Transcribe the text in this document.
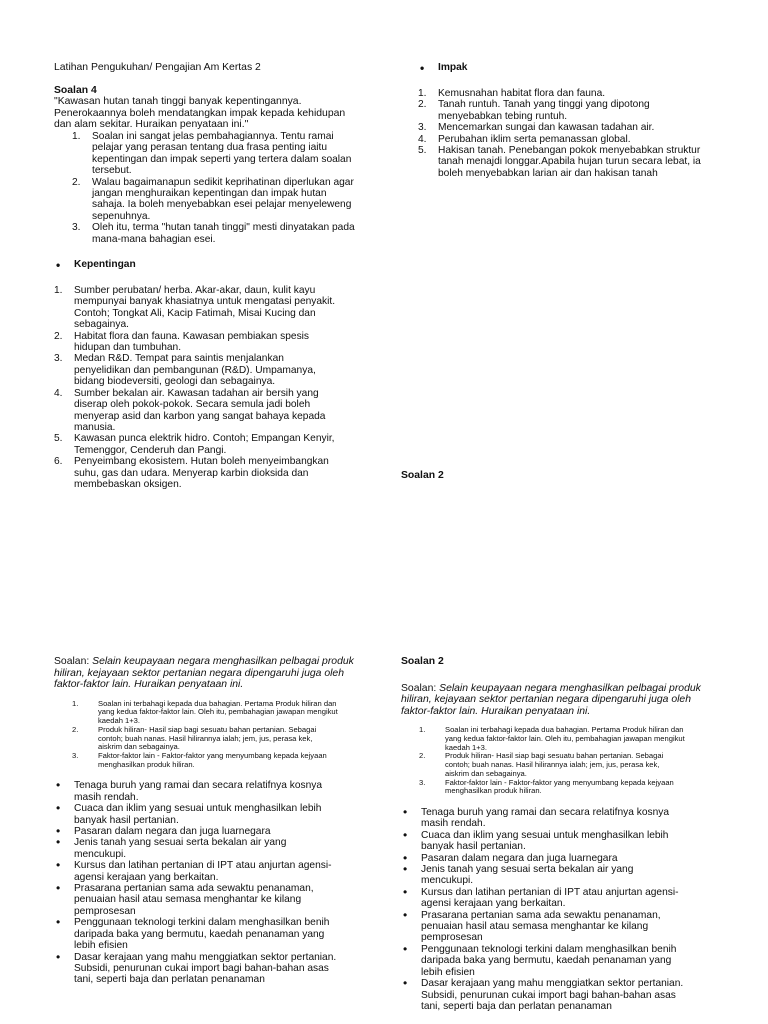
Latihan Pengukuhan/ Pengajian Am Kertas 2

Soalan 4

"Kawasan hutan tanah tinggi banyak kepentingannya.

Penerokaannya boleh mendatangkan impak kepada kehidupan

dan alam sekitar. Huraikan penyataan ini."

1. Soalan ini sangat jelas pembahagiannya. Tentu ramai
pelajar yang perasan tentang dua frasa penting iaitu
kepentingan dan impak seperti yang tertera dalam soalan
tersebut.
2. Walau bagaimanapun sedikit keprihatinan diperlukan agar
jangan menghuraikan kepentingan dan impak hutan
sahaja. Ia boleh menyebabkan esei pelajar menyeleweng
sepenuhnya.
3. Oleh itu, terma "hutan tanah tinggi" mesti dinyatakan pada
mana-mana bahagian esei.
• Kepentingan
1. Sumber perubatan/ herba. Akar-akar, daun, kulit kayu
mempunyai banyak khasiatnya untuk mengatasi penyakit.
Contoh; Tongkat Ali, Kacip Fatimah, Misai Kucing dan
sebagainya.
2. Habitat flora dan fauna. Kawasan pembiakan spesis
hidupan dan tumbuhan.
3. Medan R&D. Tempat para saintis menjalankan
penyelidikan dan pembangunan (R&D). Umpamanya,
bidang biodeversiti, geologi dan sebagainya.
4. Sumber bekalan air. Kawasan tadahan air bersih yang
diserap oleh pokok-pokok. Secara semula jadi boleh
menyerap asid dan karbon yang sangat bahaya kepada
manusia.
5. Kawasan punca elektrik hidro. Contoh; Empangan Kenyir,
Temenggor, Cenderuh dan Pangi.
6. Penyeimbang ekosistem. Hutan boleh menyeimbangkan
suhu, gas dan udara. Menyerap karbin dioksida dan
membebaskan oksigen.
• Impak
1. Kemusnahan habitat flora dan fauna.
2. Tanah runtuh. Tanah yang tinggi yang dipotong
menyebabkan tebing runtuh.
3. Mencemarkan sungai dan kawasan tadahan air.
4. Perubahan iklim serta pemanassan global.
5. Hakisan tanah. Penebangan pokok menyebabkan struktur
tanah menajdi longgar.Apabila hujan turun secara lebat, ia
boleh menyebabkan larian air dan hakisan tanah

Soalan 2

Soalan: Selain keupayaan negara menghasilkan pelbagai produk

hiliran, kejayaan sektor pertanian negara dipengaruhi juga oleh

faktor-faktor lain. Huraikan penyataan ini.

1.	Soalan ini terbahagi kepada dua bahagian. Pertama Produk hiliran dan
yang kedua faktor-faktor lain. Oleh itu, pembahagian jawapan mengikut
kaedah 1+3.
2.	Produk hiliran- Hasil siap bagi sesuatu bahan pertanian. Sebagai
contoh; buah nanas. Hasil hilirannya ialah; jem, jus, perasa kek,
aiskrim dan sebagainya.
3.	Faktor-faktor lain - Faktor-faktor yang menyumbang kepada kejyaan
menghasilkan produk hiliran.
• Tenaga buruh yang ramai dan secara relatifnya kosnya
masih rendah.
• Cuaca dan iklim yang sesuai untuk menghasilkan lebih
banyak hasil pertanian.
• Pasaran dalam negara dan juga luarnegara
• Jenis tanah yang sesuai serta bekalan air yang
mencukupi.
• Kursus dan latihan pertanian di IPT atau anjurtan agensi-
agensi kerajaan yang berkaitan.
• Prasarana pertanian sama ada sewaktu penanaman,
penuaian hasil atau semasa menghantar ke kilang
pemprosesan
• Penggunaan teknologi terkini dalam menghasilkan benih
daripada baka yang bermutu, kaedah penanaman yang
lebih efisien
• Dasar kerajaan yang mahu menggiatkan sektor pertanian.
Subsidi, penurunan cukai import bagi bahan-bahan asas
tani, seperti baja dan perlatan penanaman

Soalan 2

Soalan: Selain keupayaan negara menghasilkan pelbagai produk

hiliran, kejayaan sektor pertanian negara dipengaruhi juga oleh

faktor-faktor lain. Huraikan penyataan ini.

1.	Soalan ini terbahagi kepada dua bahagian. Pertama Produk hiliran dan
yang kedua faktor-faktor lain. Oleh itu, pembahagian jawapan mengikut
kaedah 1+3.
2.	Produk hiliran- Hasil siap bagi sesuatu bahan pertanian. Sebagai
contoh; buah nanas. Hasil hilirannya ialah; jem, jus, perasa kek,
aiskrim dan sebagainya.
3.	Faktor-faktor lain - Faktor-faktor yang menyumbang kepada kejyaan
menghasilkan produk hiliran.
• Tenaga buruh yang ramai dan secara relatifnya kosnya
masih rendah.
• Cuaca dan iklim yang sesuai untuk menghasilkan lebih
banyak hasil pertanian.
• Pasaran dalam negara dan juga luarnegara
• Jenis tanah yang sesuai serta bekalan air yang
mencukupi.
• Kursus dan latihan pertanian di IPT atau anjurtan agensi-
agensi kerajaan yang berkaitan.
• Prasarana pertanian sama ada sewaktu penanaman,
penuaian hasil atau semasa menghantar ke kilang
pemprosesan
• Penggunaan teknologi terkini dalam menghasilkan benih
daripada baka yang bermutu, kaedah penanaman yang
lebih efisien
• Dasar kerajaan yang mahu menggiatkan sektor pertanian.
Subsidi, penurunan cukai import bagi bahan-bahan asas
tani, seperti baja dan perlatan penanaman
